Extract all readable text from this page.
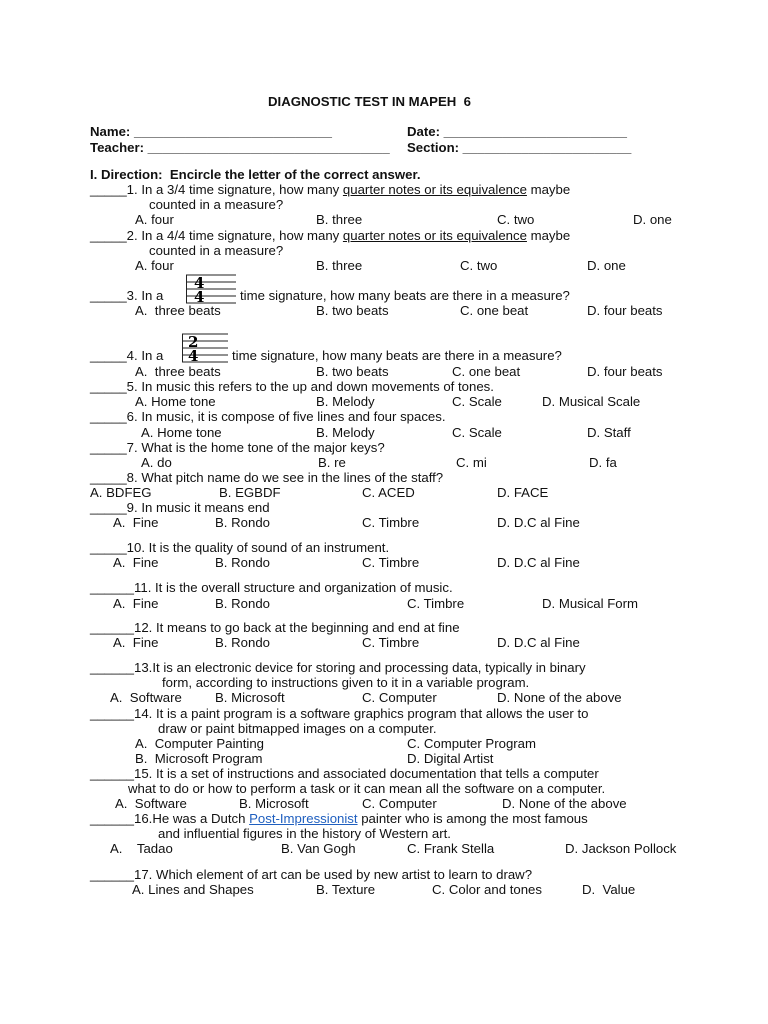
DIAGNOSTIC TEST IN MAPEH  6
Name: ___________________________	Date: _________________________
Teacher: _________________________________ Section: _______________________
I. Direction:  Encircle the letter of the correct answer.
_____1. In a 3/4 time signature, how many quarter notes or its equivalence maybe
counted in a measure?
A. four	B. three	C. two	D. one
_____2. In a 4/4 time signature, how many quarter notes or its equivalence maybe
counted in a measure?
A. four	B. three	C. two	D. one
_____3. In a
4
4	time signature, how many beats are there in a measure?
A.  three beats	B. two beats	C. one beat	D. four beats
_____4. In a
2
4	time signature, how many beats are there in a measure?
A.  three beats	B. two beats	C. one beat	D. four beats
_____5. In music this refers to the up and down movements of tones.
A. Home tone	B. Melody	C. Scale	D. Musical Scale
_____6. In music, it is compose of five lines and four spaces.
A. Home tone	B. Melody	C. Scale	D. Staff
_____7. What is the home tone of the major keys?
A. do	B. re	C. mi	D. fa
_____8. What pitch name do we see in the lines of the staff?
A. BDFEG	B. EGBDF	C. ACED	D. FACE
_____9. In music it means end
A.  Fine	B. Rondo	C. Timbre	D. D.C al Fine
_____10. It is the quality of sound of an instrument.
A.  Fine	B. Rondo	C. Timbre	D. D.C al Fine
______11. It is the overall structure and organization of music.
A.  Fine	B. Rondo	C. Timbre	D. Musical Form
______12. It means to go back at the beginning and end at fine
A.  Fine	B. Rondo	C. Timbre	D. D.C al Fine
______13.It is an electronic device for storing and processing data, typically in binary
form, according to instructions given to it in a variable program.
A.  Software	B. Microsoft	C. Computer	D. None of the above
______14. It is a paint program is a software graphics program that allows the user to
draw or paint bitmapped images on a computer.
A.  Computer Painting	C. Computer Program
B.  Microsoft Program	D. Digital Artist
______15. It is a set of instructions and associated documentation that tells a computer
what to do or how to perform a task or it can mean all the software on a computer.
A.  Software	B. Microsoft	C. Computer	D. None of the above
______16.He was a Dutch Post-Impressionist painter who is among the most famous
and influential figures in the history of Western art.
A.    Tadao	B. Van Gogh	C. Frank Stella	D. Jackson Pollock
______17. Which element of art can be used by new artist to learn to draw?
A. Lines and Shapes	B. Texture	C. Color and tones	D.  Value
